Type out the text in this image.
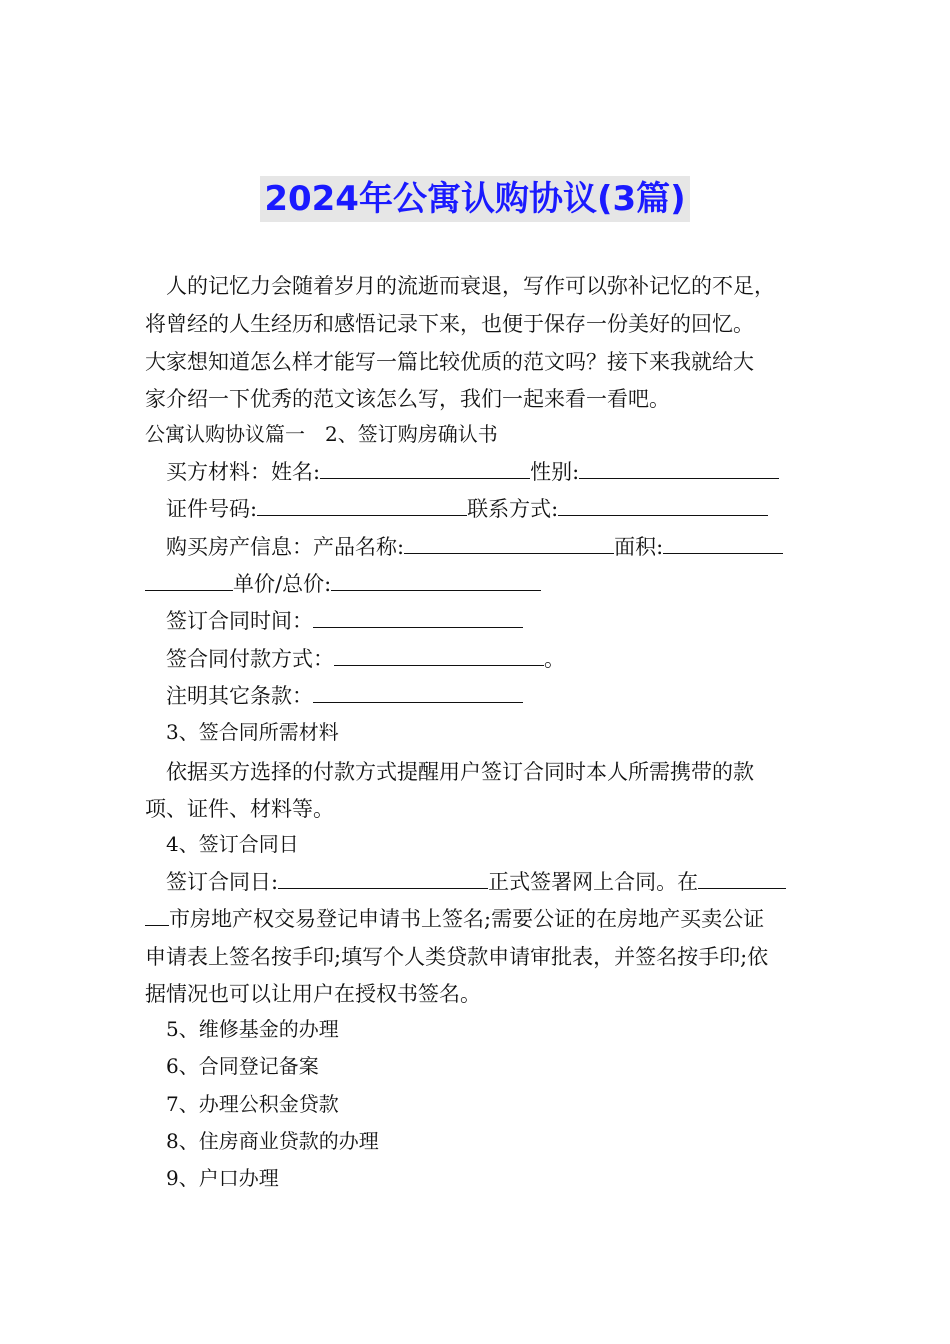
2024年公寓认购协议(3篇)
人的记忆力会随着岁月的流逝而衰退，写作可以弥补记忆的不足，
将曾经的人生经历和感悟记录下来，也便于保存一份美好的回忆。
大家想知道怎么样才能写一篇比较优质的范文吗？接下来我就给大
家介绍一下优秀的范文该怎么写，我们一起来看一看吧。
公寓认购协议篇一　2、签订购房确认书
买方材料：姓名:	性别:
证件号码:	联系方式:
购买房产信息：产品名称:	面积:
单价/总价:
签订合同时间：
签合同付款方式：	。
注明其它条款：
3、签合同所需材料
依据买方选择的付款方式提醒用户签订合同时本人所需携带的款
项、证件、材料等。
4、签订合同日
签订合同日:	正式签署网上合同。在
市房地产权交易登记申请书上签名;需要公证的在房地产买卖公证
申请表上签名按手印;填写个人类贷款申请审批表，并签名按手印;依
据情况也可以让用户在授权书签名。
5、维修基金的办理
6、合同登记备案
7、办理公积金贷款
8、住房商业贷款的办理
9、户口办理
